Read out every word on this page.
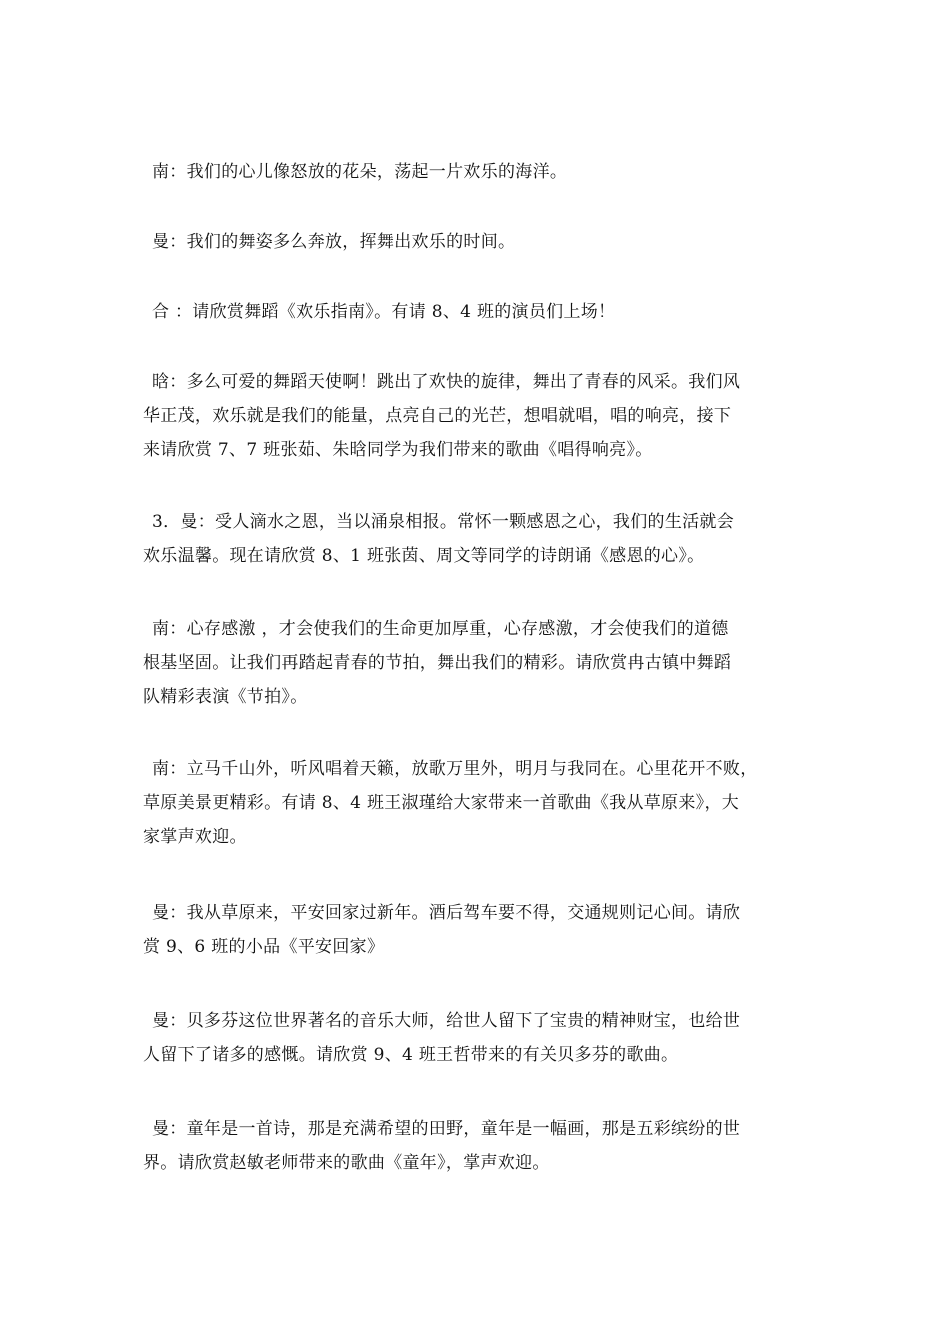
南：我们的心儿像怒放的花朵，荡起一片欢乐的海洋。

曼：我们的舞姿多么奔放，挥舞出欢乐的时间。

合 ：请欣赏舞蹈《欢乐指南》。有请 8、4 班的演员们上场！

晗：多么可爱的舞蹈天使啊！跳出了欢快的旋律，舞出了青春的风采。我们风
华正茂，欢乐就是我们的能量，点亮自己的光芒，想唱就唱，唱的响亮，接下
来请欣赏 7、7 班张茹、朱晗同学为我们带来的歌曲《唱得响亮》。

3．曼：受人滴水之恩，当以涌泉相报。常怀一颗感恩之心，我们的生活就会
欢乐温馨。现在请欣赏 8、1 班张茵、周文等同学的诗朗诵《感恩的心》。

南：心存感激 ，才会使我们的生命更加厚重，心存感激，才会使我们的道德
根基坚固。让我们再踏起青春的节拍，舞出我们的精彩。请欣赏冉古镇中舞蹈
队精彩表演《节拍》。

南：立马千山外，听风唱着天籁，放歌万里外，明月与我同在。心里花开不败，
草原美景更精彩。有请 8、4 班王淑瑾给大家带来一首歌曲《我从草原来》，大
家掌声欢迎。

曼：我从草原来，平安回家过新年。酒后驾车要不得，交通规则记心间。请欣
赏 9、6 班的小品《平安回家》

曼：贝多芬这位世界著名的音乐大师，给世人留下了宝贵的精神财宝，也给世
人留下了诸多的感慨。请欣赏 9、4 班王哲带来的有关贝多芬的歌曲。

曼：童年是一首诗，那是充满希望的田野，童年是一幅画，那是五彩缤纷的世
界。请欣赏赵敏老师带来的歌曲《童年》，掌声欢迎。
